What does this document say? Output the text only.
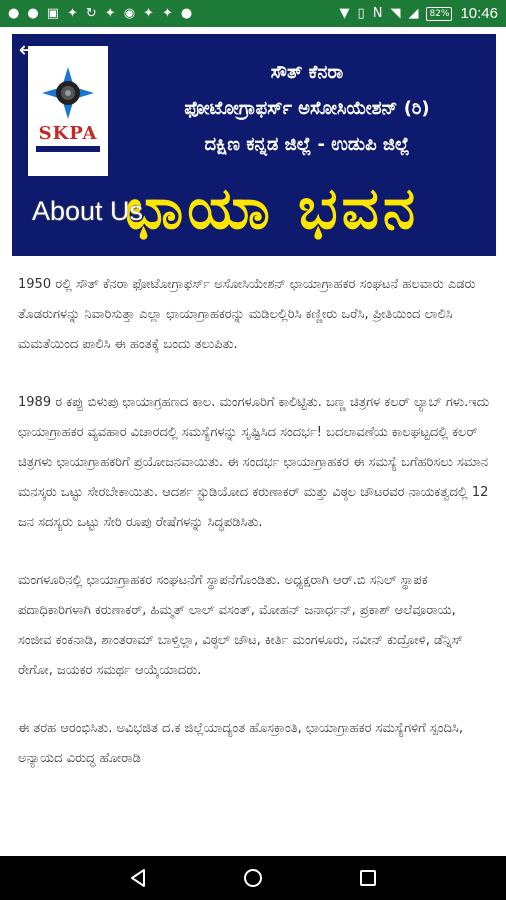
● ● ▣ ✦ ↻ ✦ ◉ ✦ ✦ ●	▼ ▯ N ◥ ◢	82% 10:46
SKPA
ಸೌತ್ ಕೆನರಾ
ಫೋಟೋಗ್ರಾಫರ್ಸ್ ಅಸೋಸಿಯೇಶನ್ (ರಿ)
ದಕ್ಷಿಣ ಕನ್ನಡ ಜಿಲ್ಲೆ - ಉಡುಪಿ ಜಿಲ್ಲೆ
ಛಾಯಾ ಭವನ
←
About Us

1950 ರಲ್ಲಿ ಸೌತ್ ಕೆನರಾ ಫೋಟೋಗ್ರಾಫರ್ಸ್ ಅಸೋಸಿಯೇಶನ್ ಛಾಯಾಗ್ರಾಹಕರ ಸಂಘಟನೆ ಹಲವಾರು ಎಡರು ತೊಡರುಗಳನ್ನು ನಿವಾರಿಸುತ್ತಾ ಎಲ್ಲಾ ಛಾಯಾಗ್ರಾಹಕರನ್ನು ಮಡಿಲಲ್ಲಿರಿಸಿ ಕಣ್ಣೀರು ಒರೆಸಿ, ಪ್ರೀತಿಯಿಂದ ಲಾಲಿಸಿ ಮಮತೆಯಿಂದ ಪಾಲಿಸಿ ಈ ಹಂತಕ್ಕೆ ಬಂದು ತಲುಪಿತು.

1989 ರ ಕಪ್ಪು ಬಿಳುಪು ಛಾಯಾಗ್ರಹಣದ ಕಾಲ. ಮಂಗಳೂರಿಗೆ ಕಾಲಿಟ್ಟಿತು. ಬಣ್ಣ ಚಿತ್ರಗಳ ಕಲರ್ ಲ್ಯಾಬ್ ಗಳು.ಇದು ಛಾಯಾಗ್ರಾಹಕರ ವ್ಯವಹಾರ ವಿಚಾರದಲ್ಲಿ ಸಮಸ್ಯೆಗಳನ್ನು ಸೃಷ್ಟಿಸಿದ ಸಂದರ್ಭ! ಬದಲಾವಣೆಯ ಕಾಲಘಟ್ಟದಲ್ಲಿ ಕಲರ್ ಚಿತ್ರಗಳು ಛಾಯಾಗ್ರಾಹಕರಿಗೆ ಪ್ರಯೋಜನವಾಯಿತು. ಈ ಸಂದರ್ಭ ಛಾಯಾಗ್ರಾಹಕರ ಈ ಸಮಸ್ಯೆ ಬಗೆಹರಿಸಲು ಸಮಾನ ಮನಸ್ಕರು ಒಟ್ಟು ಸೇರಬೇಕಾಯಿತು. ಆದರ್ಶ ಸ್ಟುಡಿಯೋದ ಕರುಣಾಕರ್ ಮತ್ತು ವಿಠ್ಠಲ ಚೌಟರವರ ನಾಯಕತ್ವದಲ್ಲಿ 12 ಜನ ಸದಸ್ಯರು ಒಟ್ಟು ಸೇರಿ ರೂಪು ರೇಷೆಗಳನ್ನು ಸಿದ್ಧಪಡಿಸಿತು.

ಮಂಗಳೂರಿನಲ್ಲಿ ಛಾಯಾಗ್ರಾಹಕರ ಸಂಘಟನೆಗೆ ಸ್ಥಾಪನೆಗೊಂಡಿತು. ಅಧ್ಯಕ್ಷರಾಗಿ ಆರ್.ಬಿ ಸನಿಲ್ ಸ್ಥಾಪಕ ಪದಾಧಿಕಾರಿಗಳಾಗಿ ಕರುಣಾಕರ್, ಹಿಮ್ಮತ್ ಲಾಲ್ ವಸಂತ್, ಮೋಹನ್ ಜನಾರ್ಧನ್, ಪ್ರಕಾಶ್ ಆಲೆವೂರಾಯ, ಸಂಜೀವ ಕಂಕನಾಡಿ, ಶಾಂತರಾಮ್ ಬಾಳ್ತಿಲ್ಲಾ, ವಿಠ್ಠಲ್ ಚೌಟ, ಕೀರ್ತಿ ಮಂಗಳೂರು, ನವೀನ್ ಕುದ್ರೋಳಿ, ಡೆನ್ನಿಸ್ ರೇಗೋ, ಜಯಕರ ಸಮರ್ಥ ಆಯ್ಕೆಯಾದರು.

ಈ ತರಹ ಆರಂಭಿಸಿತು. ಅವಿಭಜಿತ ದ.ಕ ಜಿಲ್ಲೆಯಾದ್ಯಂತ ಹೊಸಕ್ರಾಂತಿ, ಛಾಯಾಗ್ರಾಹಕರ ಸಮಸ್ಯೆಗಳಿಗೆ ಸ್ಪಂದಿಸಿ, ಅನ್ಯಾಯದ ವಿರುದ್ಧ ಹೋರಾಡಿ
